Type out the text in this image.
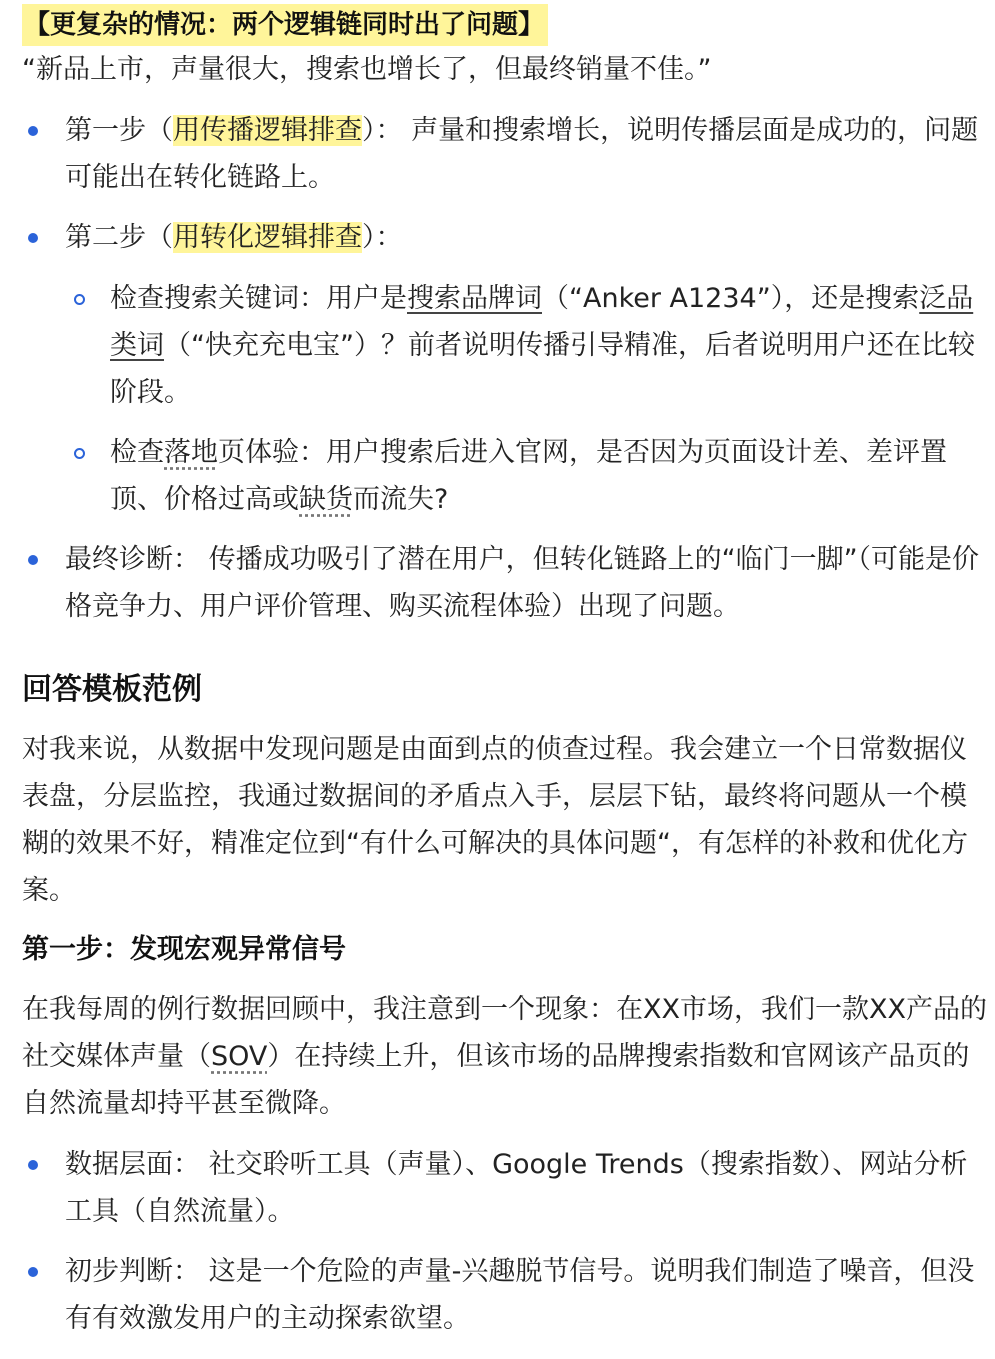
【更复杂的情况：两个逻辑链同时出了问题】

“新品上市，声量很大，搜索也增长了，但最终销量不佳。”

第一步（用传播逻辑排查）： 声量和搜索增长，说明传播层面是成功的，问题可能出在转化链路上。
第二步（用转化逻辑排查）：
检查搜索关键词：用户是搜索品牌词（“Anker A1234”），还是搜索泛品类词（“快充充电宝”）？前者说明传播引导精准，后者说明用户还在比较阶段。
检查落地页体验：用户搜索后进入官网，是否因为页面设计差、差评置顶、价格过高或缺货而流失?
最终诊断： 传播成功吸引了潜在用户，但转化链路上的“临门一脚”（可能是价格竞争力、用户评价管理、购买流程体验）出现了问题。
回答模板范例

对我来说，从数据中发现问题是由面到点的侦查过程。我会建立一个日常数据仪表盘，分层监控，我通过数据间的矛盾点入手，层层下钻，最终将问题从一个模糊的效果不好，精准定位到“有什么可解决的具体问题“，有怎样的补救和优化方案。

第一步：发现宏观异常信号

在我每周的例行数据回顾中，我注意到一个现象：在XX市场，我们一款XX产品的社交媒体声量（SOV）在持续上升，但该市场的品牌搜索指数和官网该产品页的自然流量却持平甚至微降。

数据层面： 社交聆听工具（声量）、Google Trends（搜索指数）、网站分析工具（自然流量）。
初步判断： 这是一个危险的声量-兴趣脱节信号。说明我们制造了噪音，但没有有效激发用户的主动探索欲望。
